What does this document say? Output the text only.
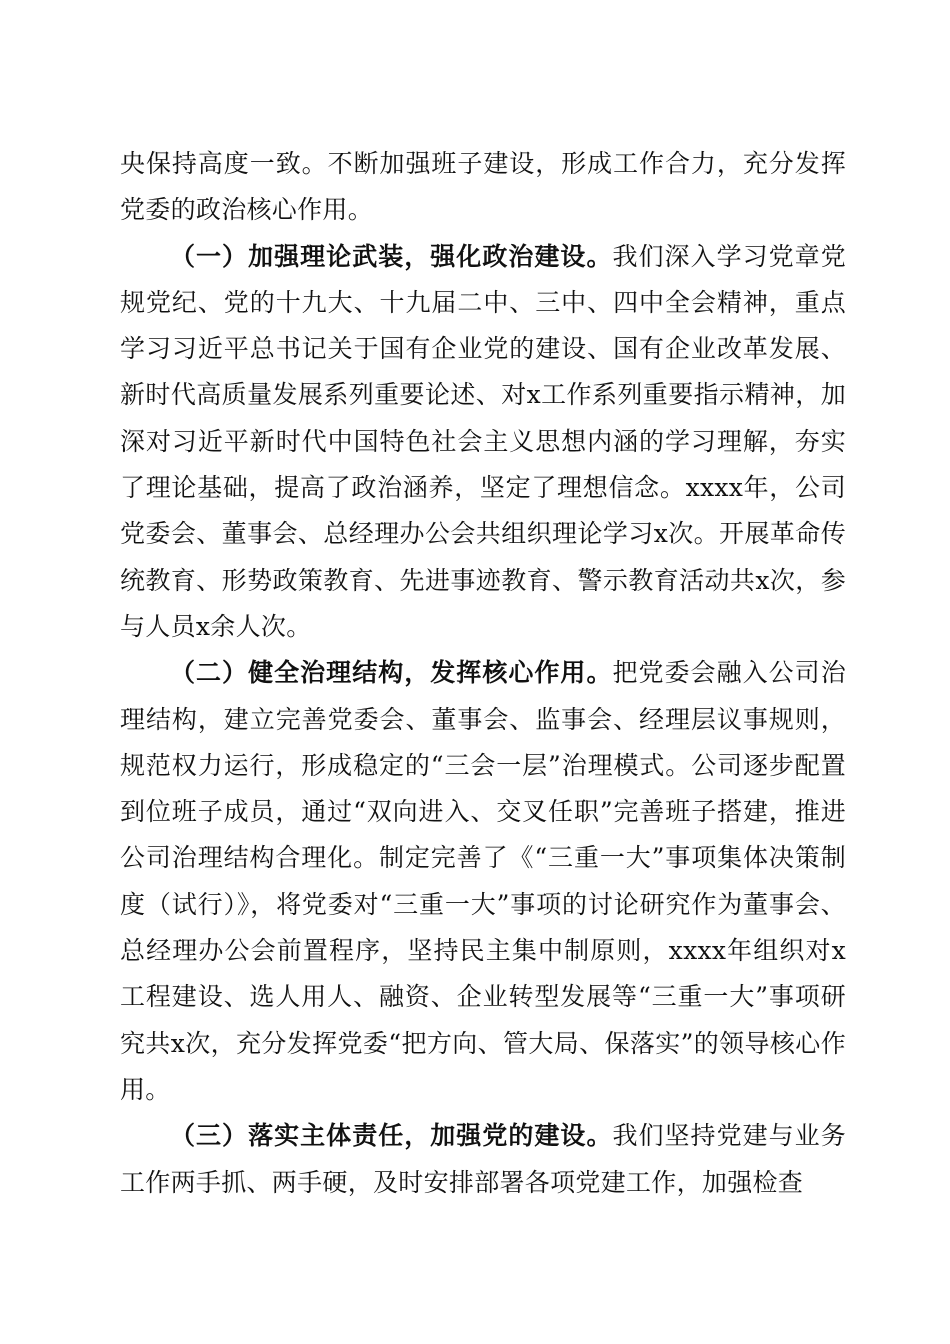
央保持高度一致。不断加强班子建设，形成工作合力，充分发挥党委的政治核心作用。

（一）加强理论武装，强化政治建设。我们深入学习党章党规党纪、党的十九大、十九届二中、三中、四中全会精神，重点学习习近平总书记关于国有企业党的建设、国有企业改革发展、新时代高质量发展系列重要论述、对x工作系列重要指示精神，加深对习近平新时代中国特色社会主义思想内涵的学习理解，夯实了理论基础，提高了政治涵养，坚定了理想信念。xxxx年，公司党委会、董事会、总经理办公会共组织理论学习x次。开展革命传统教育、形势政策教育、先进事迹教育、警示教育活动共x次，参与人员x余人次。

（二）健全治理结构，发挥核心作用。把党委会融入公司治理结构，建立完善党委会、董事会、监事会、经理层议事规则，规范权力运行，形成稳定的“三会一层”治理模式。公司逐步配置到位班子成员，通过“双向进入、交叉任职”完善班子搭建，推进公司治理结构合理化。制定完善了《“三重一大”事项集体决策制度（试行）》，将党委对“三重一大”事项的讨论研究作为董事会、总经理办公会前置程序，坚持民主集中制原则，xxxx年组织对x工程建设、选人用人、融资、企业转型发展等“三重一大”事项研究共x次，充分发挥党委“把方向、管大局、保落实”的领导核心作用。

（三）落实主体责任，加强党的建设。我们坚持党建与业务工作两手抓、两手硬，及时安排部署各项党建工作，加强检查
